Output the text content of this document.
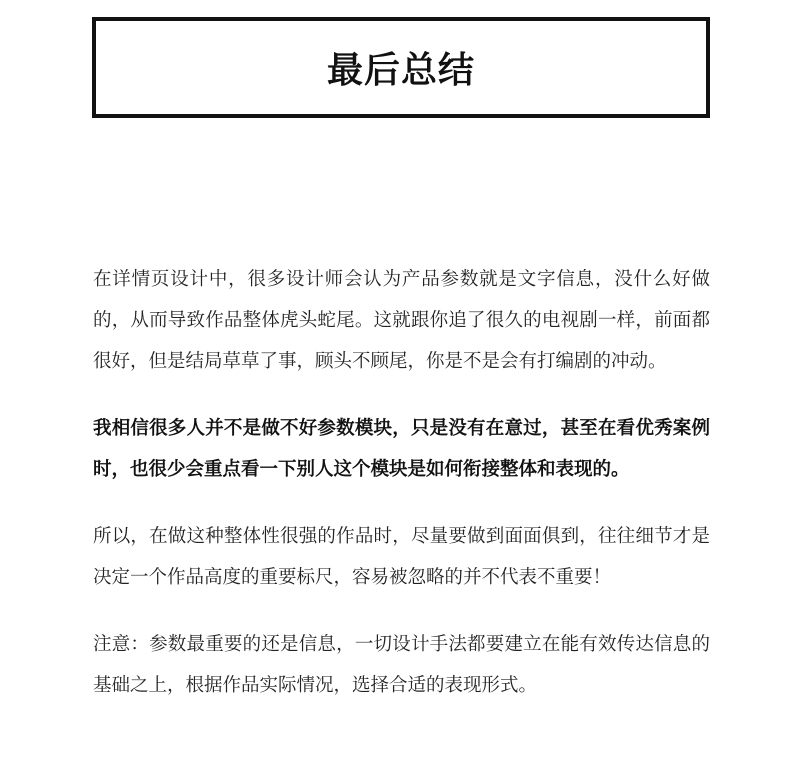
最后总结

在详情页设计中，很多设计师会认为产品参数就是文字信息，没什么好做的，从而导致作品整体虎头蛇尾。这就跟你追了很久的电视剧一样，前面都很好，但是结局草草了事，顾头不顾尾，你是不是会有打编剧的冲动。

我相信很多人并不是做不好参数模块，只是没有在意过，甚至在看优秀案例时，也很少会重点看一下别人这个模块是如何衔接整体和表现的。

所以，在做这种整体性很强的作品时，尽量要做到面面俱到，往往细节才是决定一个作品高度的重要标尺，容易被忽略的并不代表不重要！

注意：参数最重要的还是信息，一切设计手法都要建立在能有效传达信息的基础之上，根据作品实际情况，选择合适的表现形式。
